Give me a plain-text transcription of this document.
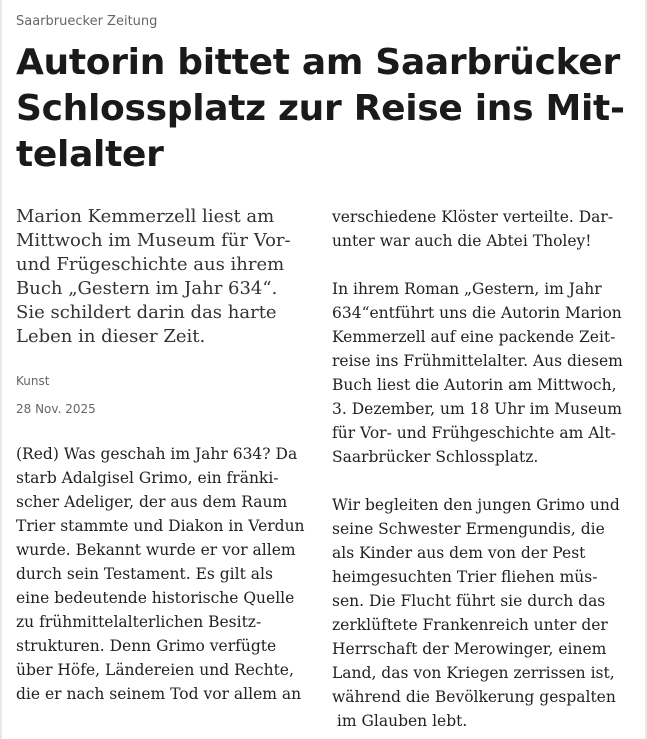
Saarbruecker Zeitung
Autorin bittet am Saarbrücker
Schlossplatz zur Reise ins Mit-
telalter

Marion Kemmerzell liest am
Mittwoch im Museum für Vor-
und Frügeschichte aus ihrem
Buch „Gestern im Jahr 634“.
Sie schildert darin das harte
Leben in dieser Zeit.

Kunst
28 Nov. 2025

(Red) Was geschah im Jahr 634? Da
starb Adalgisel Grimo, ein fränki-
scher Adeliger, der aus dem Raum
Trier stammte und Diakon in Verdun
wurde. Bekannt wurde er vor allem
durch sein Testament. Es gilt als
eine bedeutende historische Quelle
zu frühmittelalterlichen Besitz-
strukturen. Denn Grimo verfügte
über Höfe, Ländereien und Rechte,
die er nach seinem Tod vor allem an

verschiedene Klöster verteilte. Dar-
unter war auch die Abtei Tholey!

In ihrem Roman „Gestern, im Jahr
634“entführt uns die Autorin Marion
Kemmerzell auf eine packende Zeit-
reise ins Frühmittelalter. Aus diesem
Buch liest die Autorin am Mittwoch,
3. Dezember, um 18 Uhr im Museum
für Vor- und Frühgeschichte am Alt-
Saarbrücker Schlossplatz.

Wir begleiten den jungen Grimo und
seine Schwester Ermengundis, die
als Kinder aus dem von der Pest
heimgesuchten Trier fliehen müs-
sen. Die Flucht führt sie durch das
zerklüftete Frankenreich unter der
Herrschaft der Merowinger, einem
Land, das von Kriegen zerrissen ist,
während die Bevölkerung gespalten
im Glauben lebt.
